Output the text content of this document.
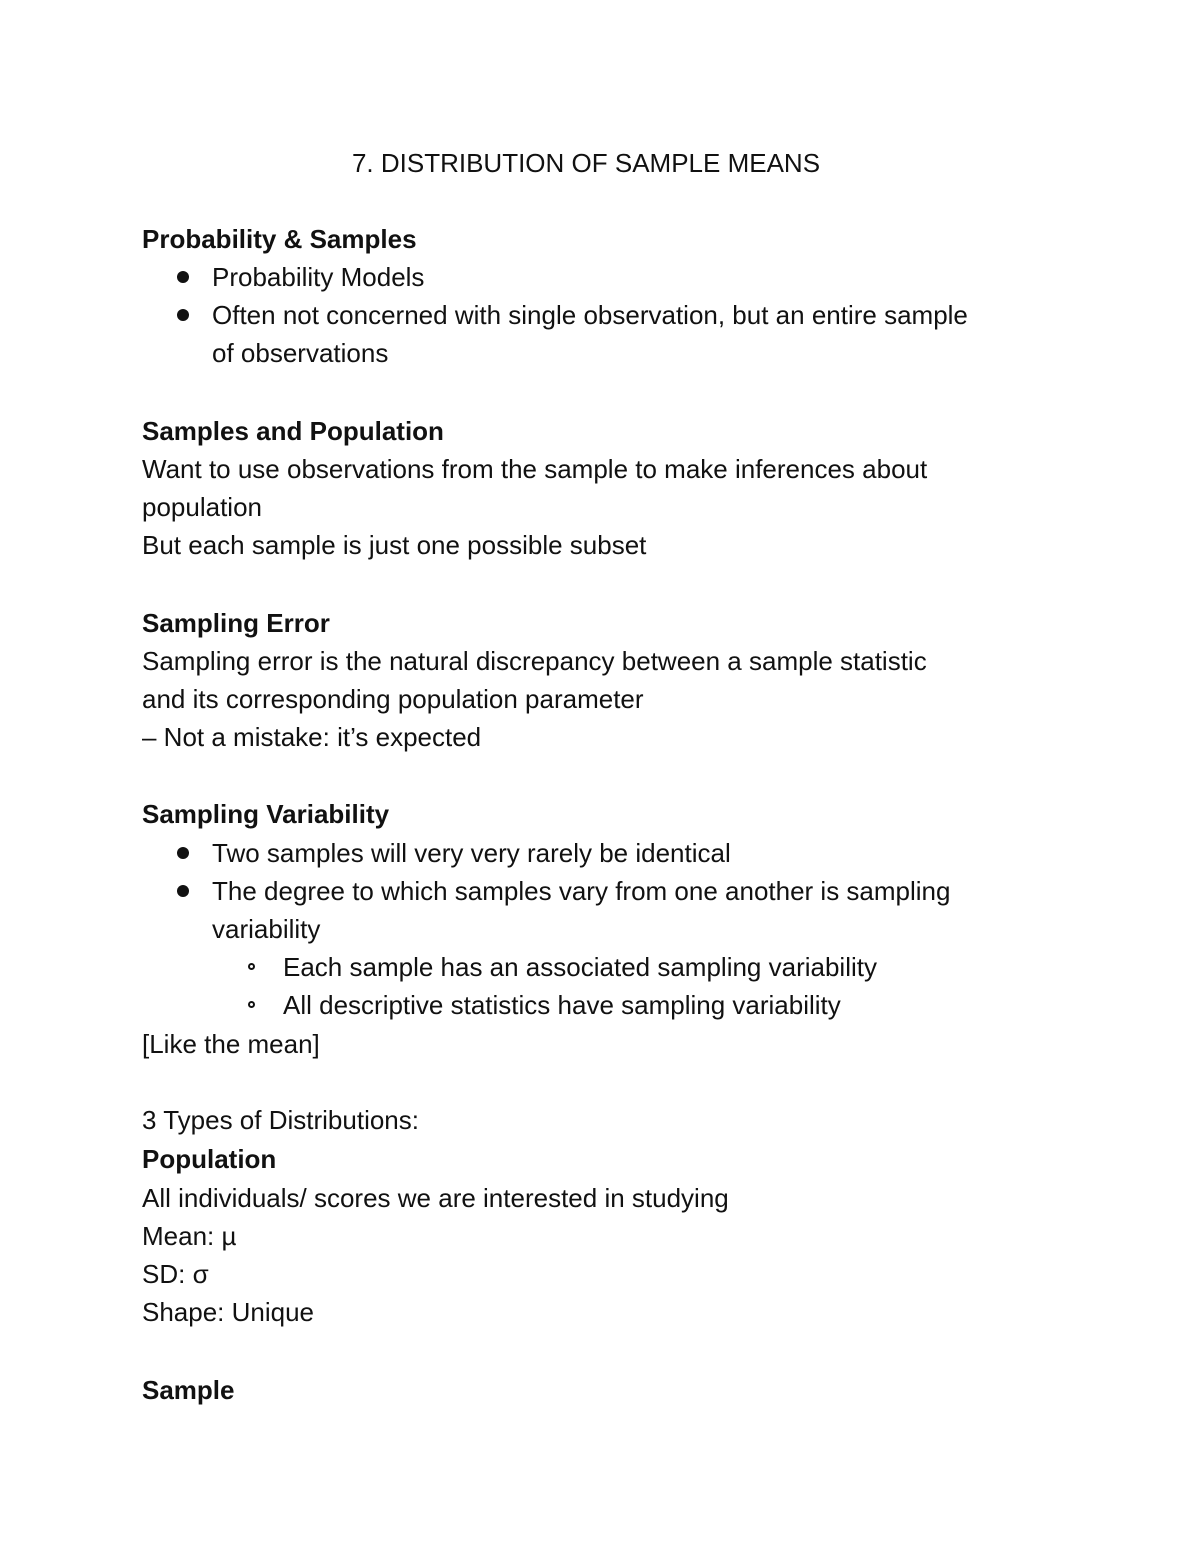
7. DISTRIBUTION OF SAMPLE MEANS
Probability & Samples
Probability Models
Often not concerned with single observation, but an entire sample
of observations
Samples and Population
Want to use observations from the sample to make inferences about
population
But each sample is just one possible subset
Sampling Error
Sampling error is the natural discrepancy between a sample statistic
and its corresponding population parameter
– Not a mistake: it’s expected
Sampling Variability
Two samples will very very rarely be identical
The degree to which samples vary from one another is sampling
variability
Each sample has an associated sampling variability
All descriptive statistics have sampling variability
[Like the mean]
3 Types of Distributions:
Population
All individuals/ scores we are interested in studying
Mean: µ
SD: σ
Shape: Unique
Sample
